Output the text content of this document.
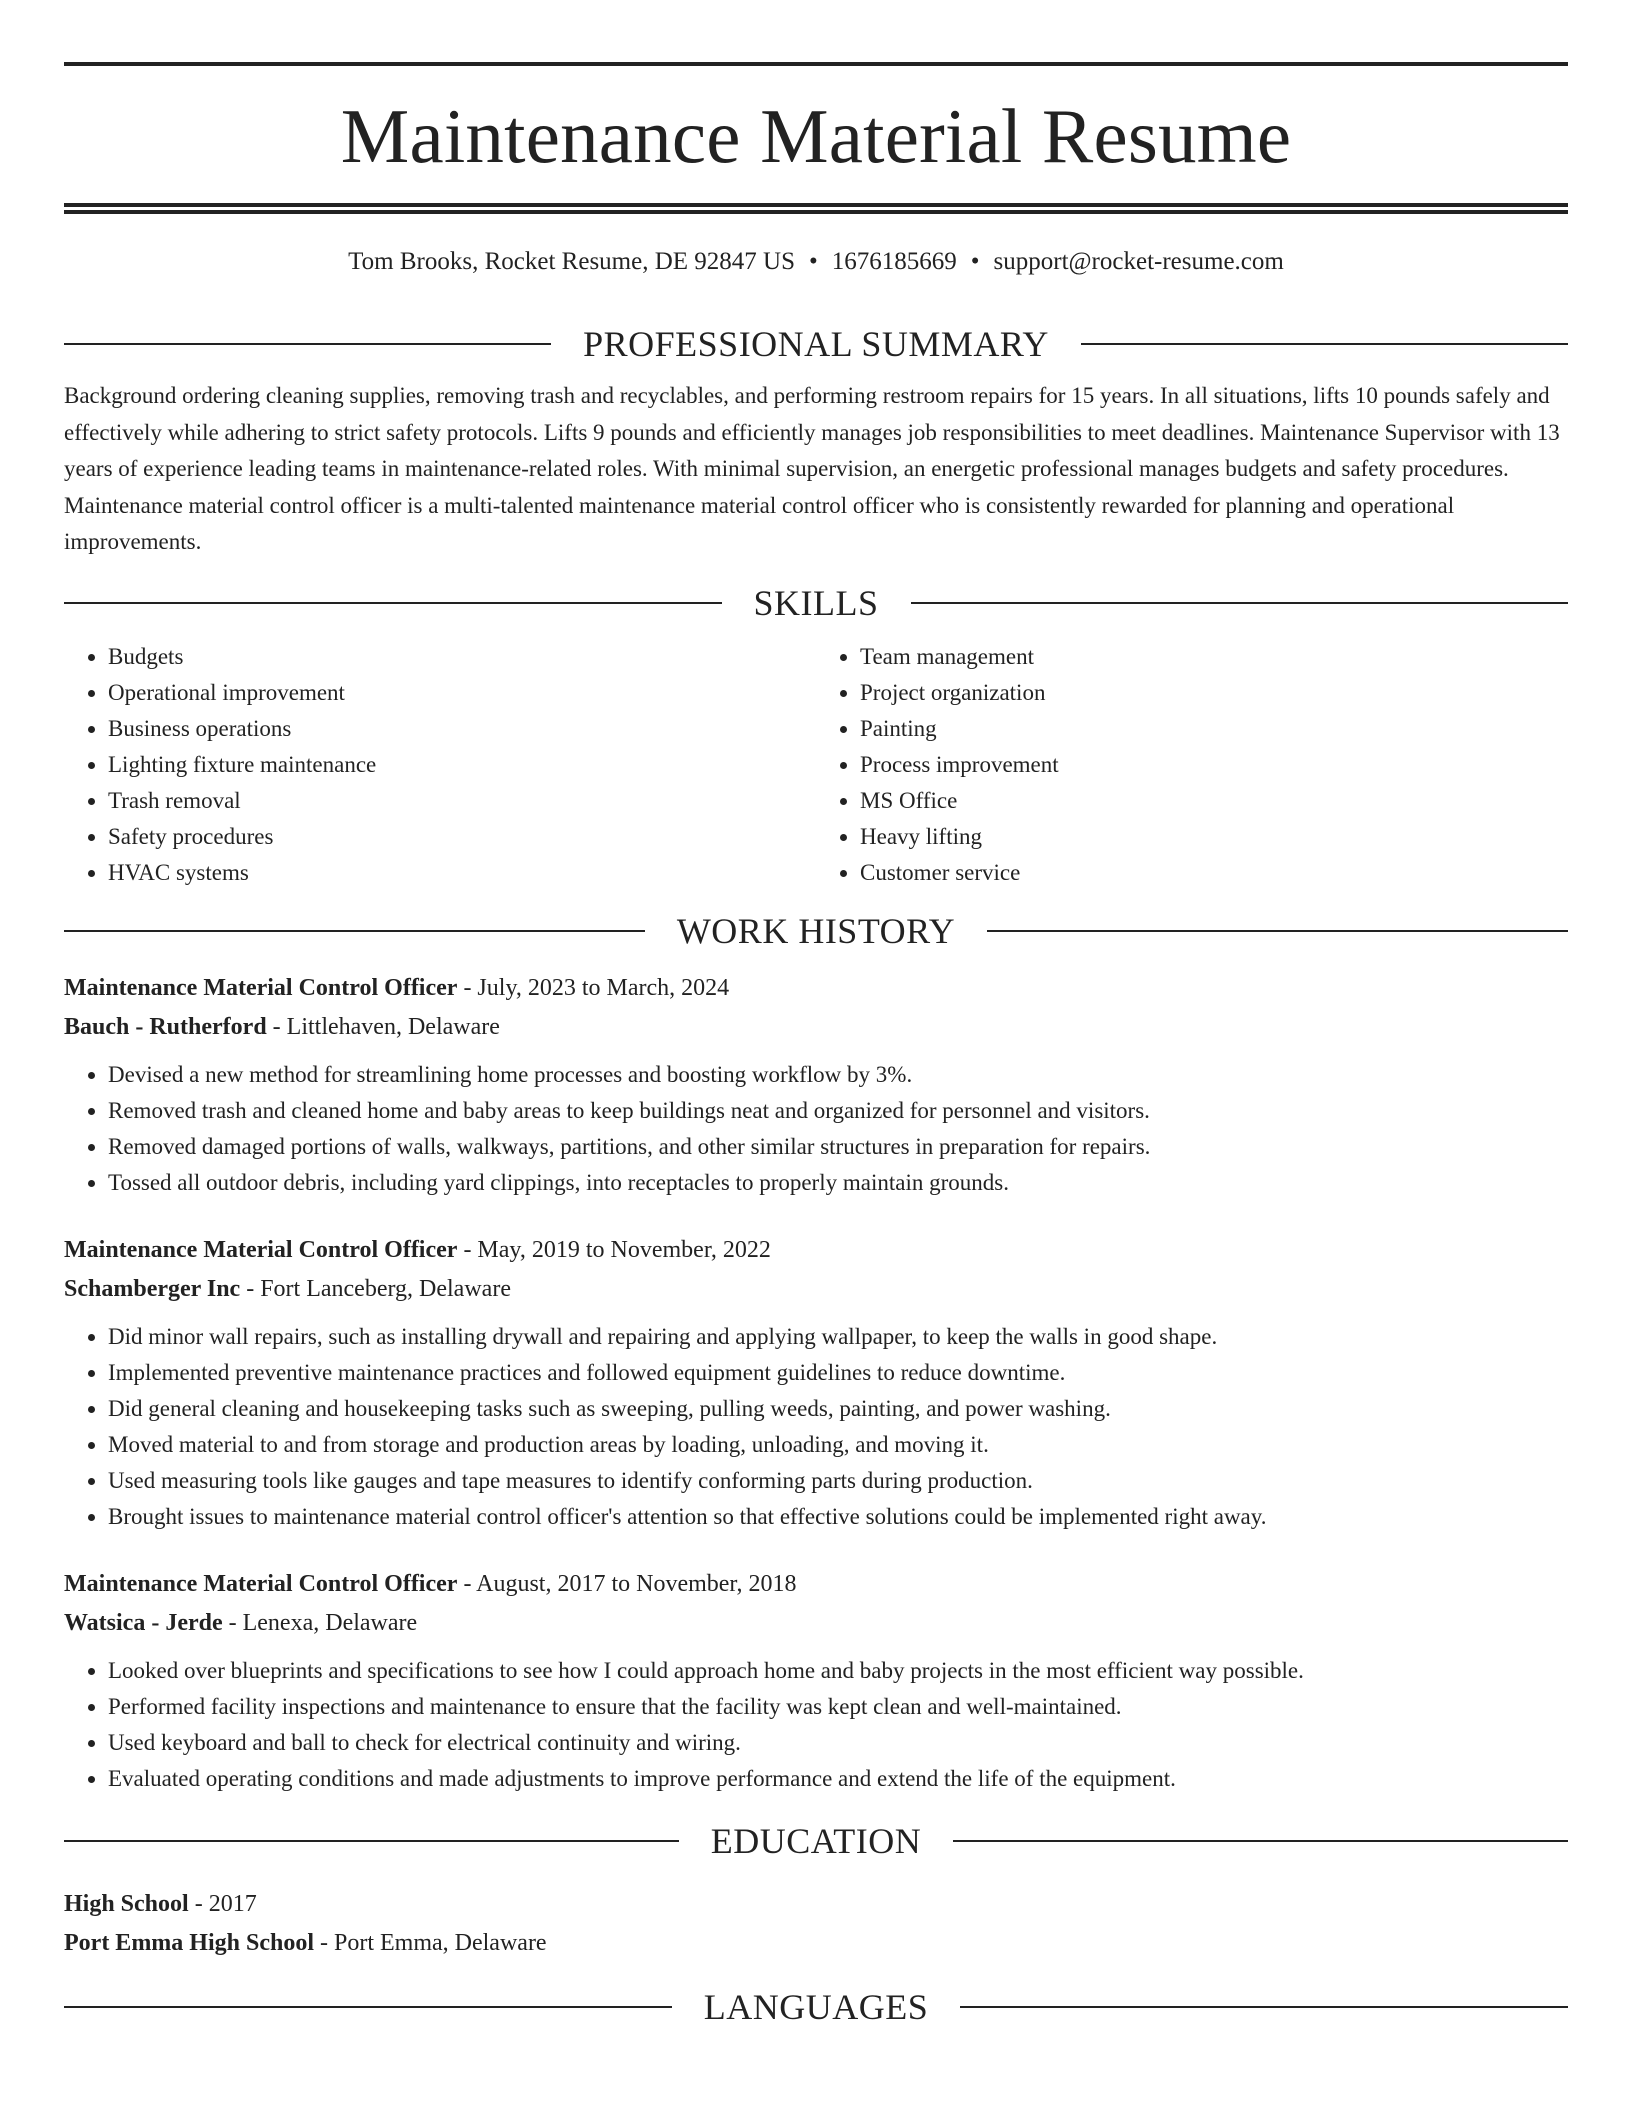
Maintenance Material Resume
Tom Brooks, Rocket Resume, DE 92847 US • 1676185669 • support@rocket-resume.com
PROFESSIONAL SUMMARY
Background ordering cleaning supplies, removing trash and recyclables, and performing restroom repairs for 15 years. In all situations, lifts 10 pounds safely and effectively while adhering to strict safety protocols. Lifts 9 pounds and efficiently manages job responsibilities to meet deadlines. Maintenance Supervisor with 13 years of experience leading teams in maintenance-related roles. With minimal supervision, an energetic professional manages budgets and safety procedures. Maintenance material control officer is a multi-talented maintenance material control officer who is consistently rewarded for planning and operational improvements.
SKILLS
• Budgets
• Operational improvement
• Business operations
• Lighting fixture maintenance
• Trash removal
• Safety procedures
• HVAC systems
• Team management
• Project organization
• Painting
• Process improvement
• MS Office
• Heavy lifting
• Customer service
WORK HISTORY
Maintenance Material Control Officer - July, 2023 to March, 2024
Bauch - Rutherford - Littlehaven, Delaware
• Devised a new method for streamlining home processes and boosting workflow by 3%.
• Removed trash and cleaned home and baby areas to keep buildings neat and organized for personnel and visitors.
• Removed damaged portions of walls, walkways, partitions, and other similar structures in preparation for repairs.
• Tossed all outdoor debris, including yard clippings, into receptacles to properly maintain grounds.
Maintenance Material Control Officer - May, 2019 to November, 2022
Schamberger Inc - Fort Lanceberg, Delaware
• Did minor wall repairs, such as installing drywall and repairing and applying wallpaper, to keep the walls in good shape.
• Implemented preventive maintenance practices and followed equipment guidelines to reduce downtime.
• Did general cleaning and housekeeping tasks such as sweeping, pulling weeds, painting, and power washing.
• Moved material to and from storage and production areas by loading, unloading, and moving it.
• Used measuring tools like gauges and tape measures to identify conforming parts during production.
• Brought issues to maintenance material control officer's attention so that effective solutions could be implemented right away.
Maintenance Material Control Officer - August, 2017 to November, 2018
Watsica - Jerde - Lenexa, Delaware
• Looked over blueprints and specifications to see how I could approach home and baby projects in the most efficient way possible.
• Performed facility inspections and maintenance to ensure that the facility was kept clean and well-maintained.
• Used keyboard and ball to check for electrical continuity and wiring.
• Evaluated operating conditions and made adjustments to improve performance and extend the life of the equipment.
EDUCATION
High School - 2017
Port Emma High School - Port Emma, Delaware
LANGUAGES
